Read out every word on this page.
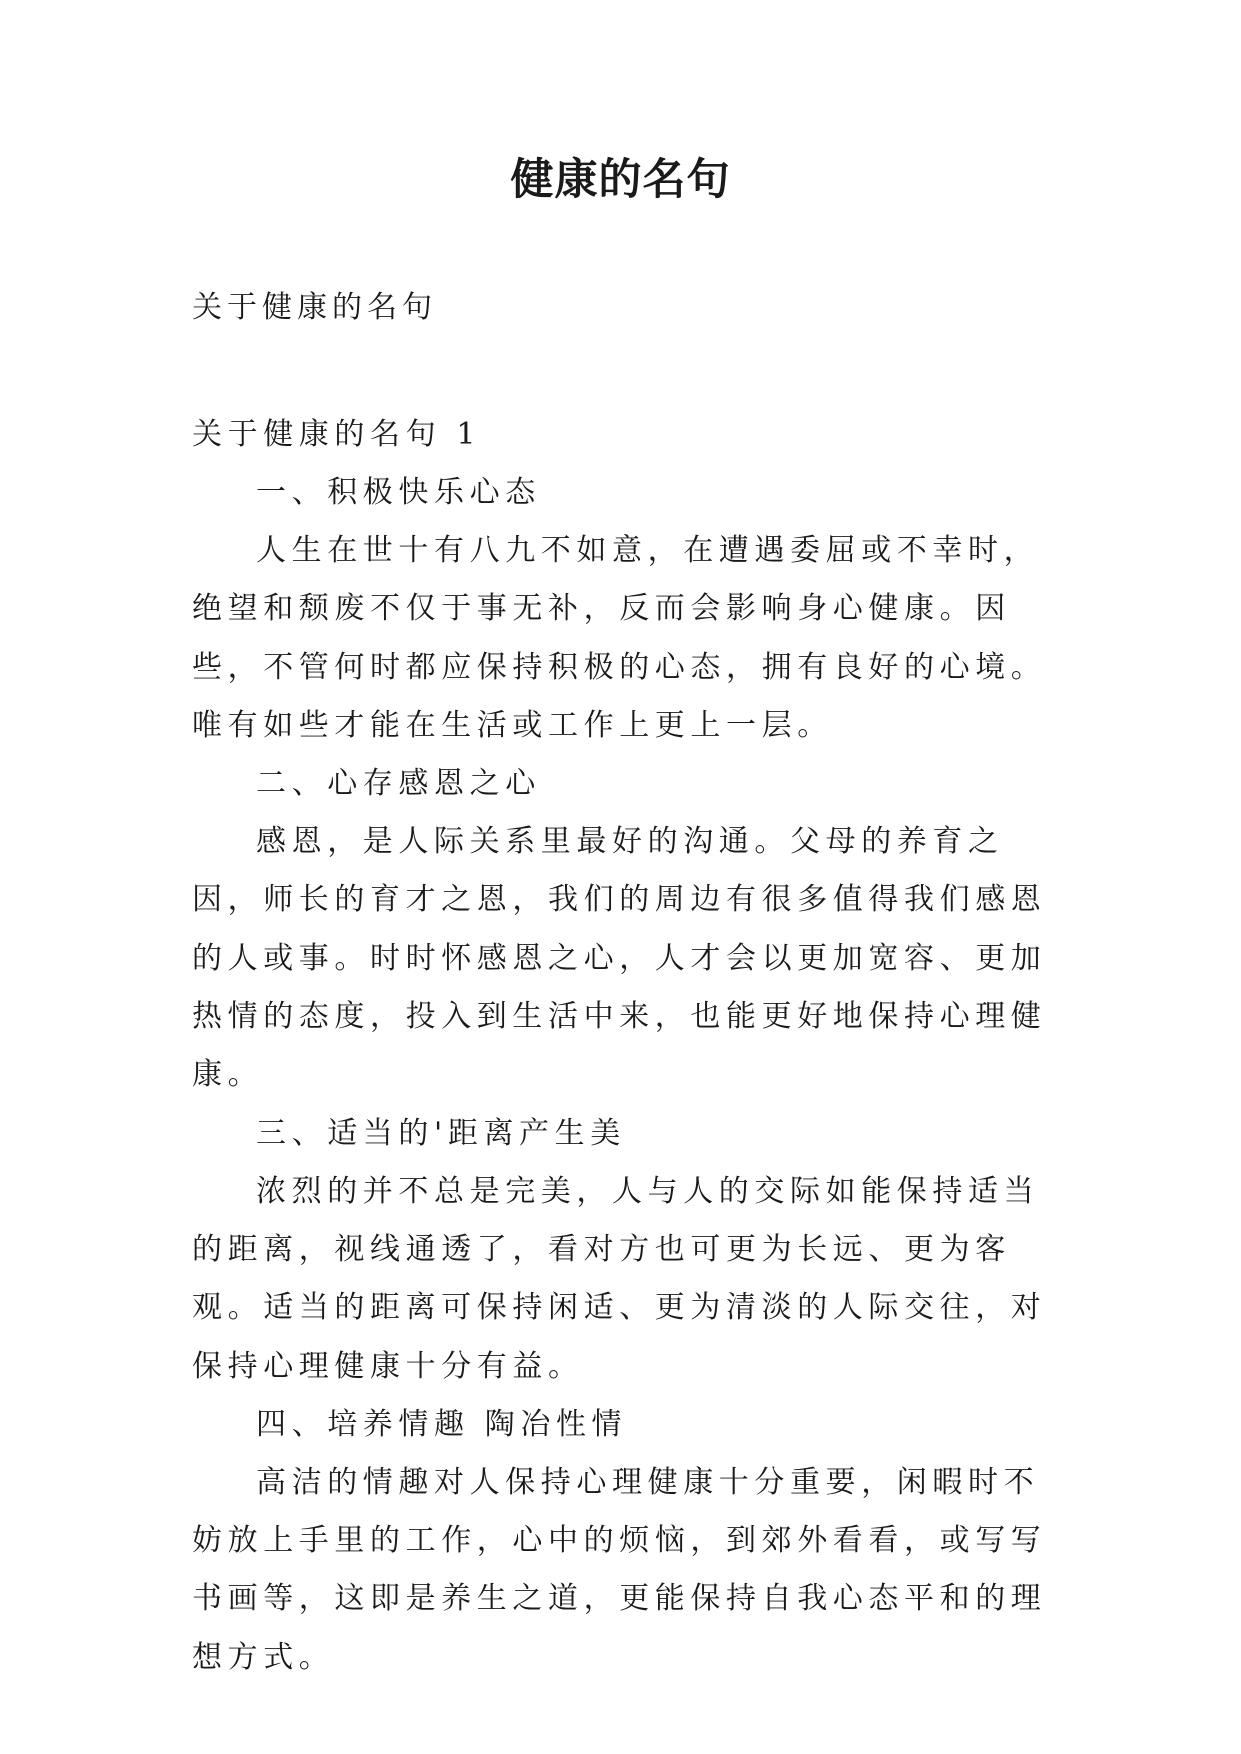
健康的名句
关于健康的名句

关于健康的名句 1

一、积极快乐心态

人生在世十有八九不如意，在遭遇委屈或不幸时，绝望和颓废不仅于事无补，反而会影响身心健康。因些，不管何时都应保持积极的心态，拥有良好的心境。唯有如些才能在生活或工作上更上一层。

二、心存感恩之心

感恩，是人际关系里最好的沟通。父母的养育之因，师长的育才之恩，我们的周边有很多值得我们感恩的人或事。时时怀感恩之心，人才会以更加宽容、更加热情的态度，投入到生活中来，也能更好地保持心理健康。

三、适当的'距离产生美

浓烈的并不总是完美，人与人的交际如能保持适当的距离，视线通透了，看对方也可更为长远、更为客观。适当的距离可保持闲适、更为清淡的人际交往，对保持心理健康十分有益。

四、培养情趣 陶冶性情

高洁的情趣对人保持心理健康十分重要，闲暇时不妨放上手里的工作，心中的烦恼，到郊外看看，或写写书画等，这即是养生之道，更能保持自我心态平和的理想方式。
